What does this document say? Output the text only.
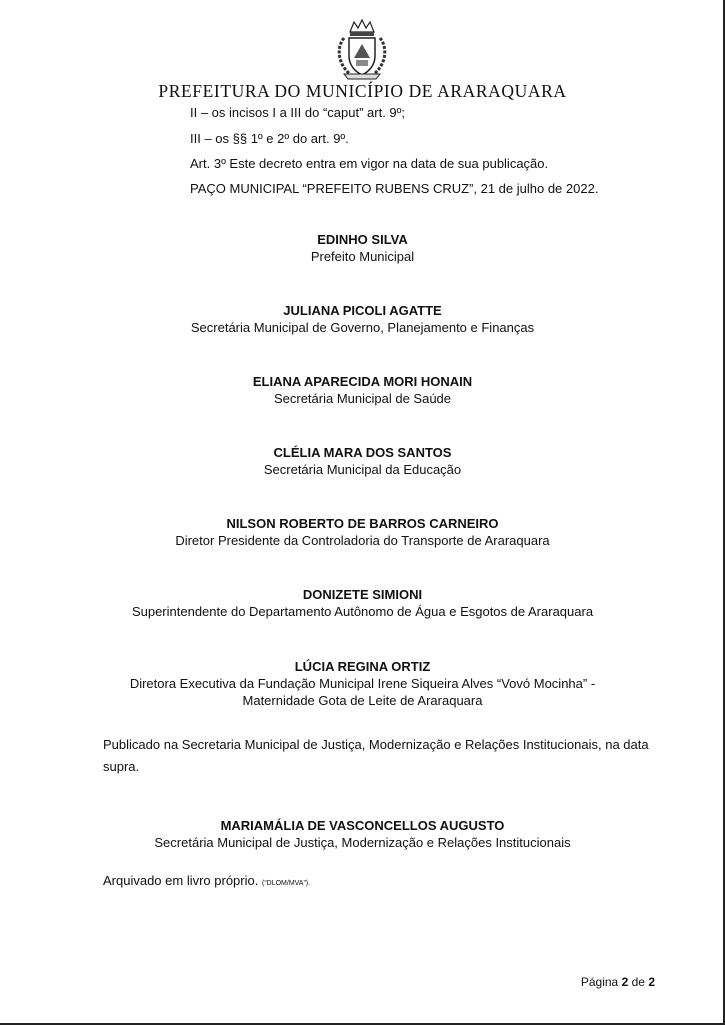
PREFEITURA DO MUNICÍPIO DE ARARAQUARA
II – os incisos I a III do “caput” art. 9º;
III – os §§ 1º e 2º do art. 9º.
Art. 3º Este decreto entra em vigor na data de sua publicação.
PAÇO MUNICIPAL “PREFEITO RUBENS CRUZ”, 21 de julho de 2022.
EDINHO SILVA
Prefeito Municipal
JULIANA PICOLI AGATTE
Secretária Municipal de Governo, Planejamento e Finanças
ELIANA APARECIDA MORI HONAIN
Secretária Municipal de Saúde
CLÉLIA MARA DOS SANTOS
Secretária Municipal da Educação
NILSON ROBERTO DE BARROS CARNEIRO
Diretor Presidente da Controladoria do Transporte de Araraquara
DONIZETE SIMIONI
Superintendente do Departamento Autônomo de Água e Esgotos de Araraquara
LÚCIA REGINA ORTIZ
Diretora Executiva da Fundação Municipal Irene Siqueira Alves “Vovó Mocinha” -
Maternidade Gota de Leite de Araraquara
Publicado na Secretaria Municipal de Justiça, Modernização e Relações Institucionais, na data supra.
MARIAMÁLIA DE VASCONCELLOS AUGUSTO
Secretária Municipal de Justiça, Modernização e Relações Institucionais
Arquivado em livro próprio. (“DLOM/MVA”).
Página 2 de 2
